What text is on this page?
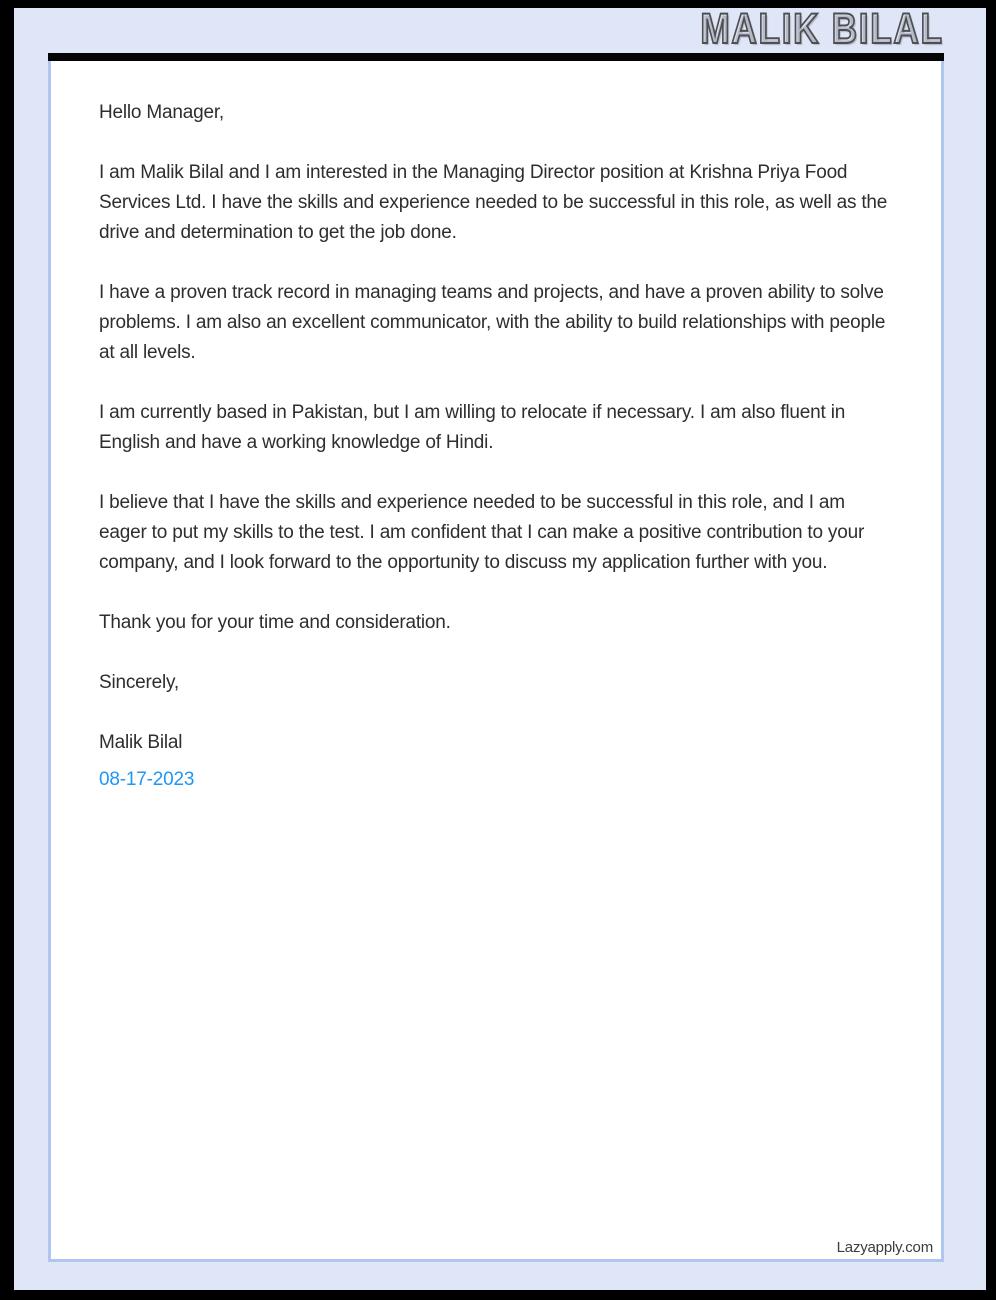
MALIK BILAL

Hello Manager,

I am Malik Bilal and I am interested in the Managing Director position at Krishna Priya Food Services Ltd. I have the skills and experience needed to be successful in this role, as well as the drive and determination to get the job done.

I have a proven track record in managing teams and projects, and have a proven ability to solve problems. I am also an excellent communicator, with the ability to build relationships with people at all levels.

I am currently based in Pakistan, but I am willing to relocate if necessary. I am also fluent in English and have a working knowledge of Hindi.

I believe that I have the skills and experience needed to be successful in this role, and I am eager to put my skills to the test. I am confident that I can make a positive contribution to your company, and I look forward to the opportunity to discuss my application further with you.

Thank you for your time and consideration.

Sincerely,

Malik Bilal

08-17-2023

Lazyapply.com
